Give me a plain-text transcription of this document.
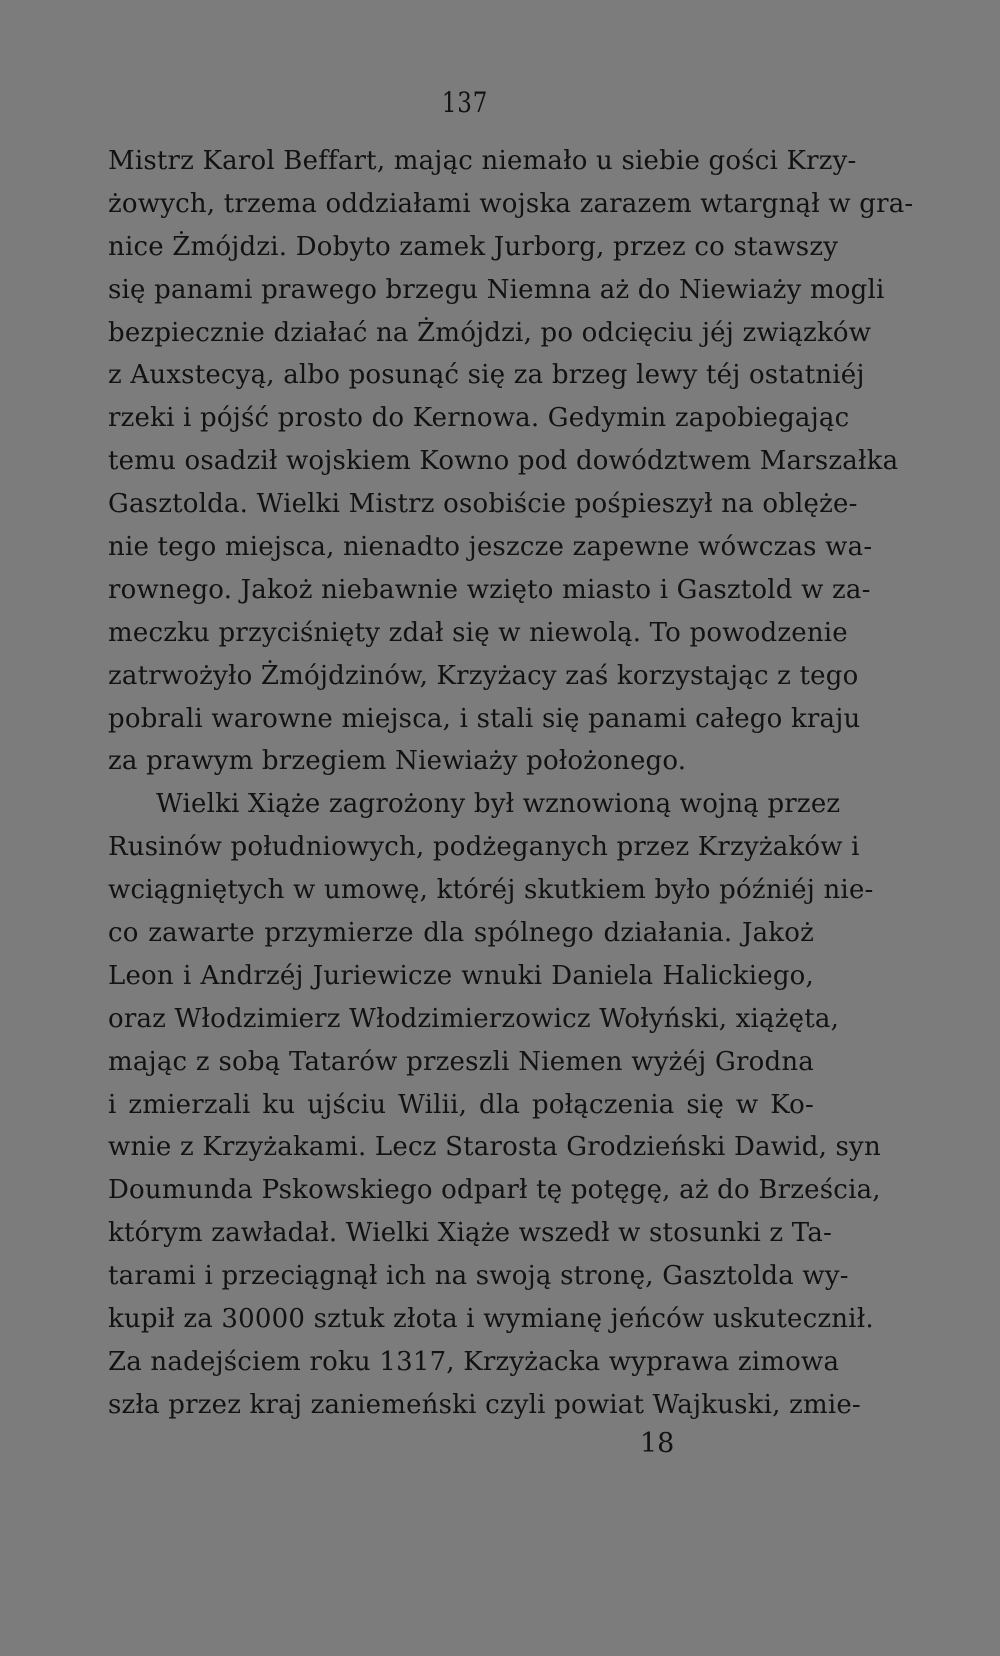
137
Mistrz Karol Beffart, mając niemało u siebie gości Krzy-
żowych, trzema oddziałami wojska zarazem wtargnął w gra-
nice Żmójdzi. Dobyto zamek Jurborg, przez co stawszy
się panami prawego brzegu Niemna aż do Niewiaży mogli
bezpiecznie działać na Żmójdzi, po odcięciu jéj związków
z Auxstecyą, albo posunąć się za brzeg lewy téj ostatniéj
rzeki i pójść prosto do Kernowa. Gedymin zapobiegając
temu osadził wojskiem Kowno pod dowództwem Marszałka
Gasztolda. Wielki Mistrz osobiście pośpieszył na oblęże-
nie tego miejsca, nienadto jeszcze zapewne wówczas wa-
rownego. Jakoż niebawnie wzięto miasto i Gasztold w za-
meczku przyciśnięty zdał się w niewolą. To powodzenie
zatrwożyło Żmójdzinów, Krzyżacy zaś korzystając z tego
pobrali warowne miejsca, i stali się panami całego kraju
za prawym brzegiem Niewiaży położonego.
Wielki Xiąże zagrożony był wznowioną wojną przez
Rusinów południowych, podżeganych przez Krzyżaków i
wciągniętych w umowę, któréj skutkiem było późniéj nie-
co zawarte przymierze dla spólnego działania. Jakoż
Leon i Andrzéj Juriewicze wnuki Daniela Halickiego,
oraz Włodzimierz Włodzimierzowicz Wołyński, xiążęta,
mając z sobą Tatarów przeszli Niemen wyżéj Grodna
i zmierzali ku ujściu Wilii, dla połączenia się w Ko-
wnie z Krzyżakami. Lecz Starosta Grodzieński Dawid, syn
Doumunda Pskowskiego odparł tę potęgę, aż do Brześcia,
którym zawładał. Wielki Xiąże wszedł w stosunki z Ta-
tarami i przeciągnął ich na swoją stronę, Gasztolda wy-
kupił za 30000 sztuk złota i wymianę jeńców uskutecznił.
Za nadejściem roku 1317, Krzyżacka wyprawa zimowa
szła przez kraj zaniemeński czyli powiat Wajkuski, zmie-
18
